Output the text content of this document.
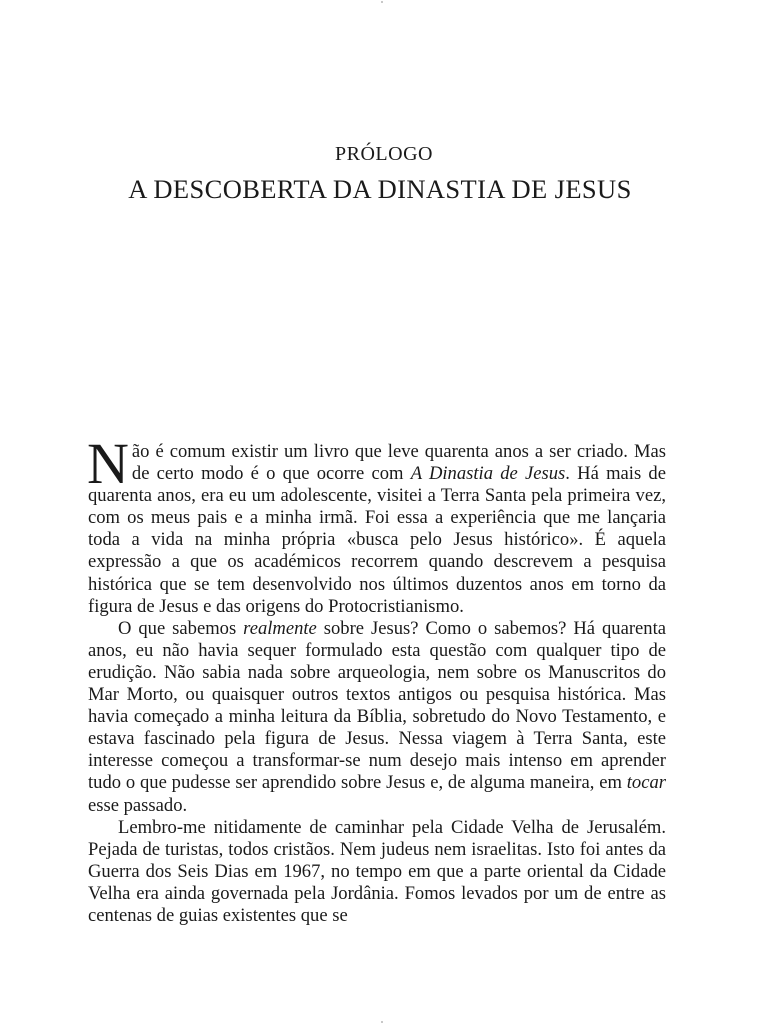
PRÓLOGO
A DESCOBERTA DA DINASTIA DE JESUS

Não é comum existir um livro que leve quarenta anos a ser criado. Mas de certo modo é o que ocorre com A Dinastia de Jesus. Há mais de quarenta anos, era eu um adolescente, visitei a Terra Santa pela primeira vez, com os meus pais e a minha irmã. Foi essa a experiência que me lançaria toda a vida na minha própria «busca pelo Jesus histórico». É aquela expressão a que os académicos recorrem quando descrevem a pesquisa histórica que se tem desenvolvido nos últimos duzentos anos em torno da figura de Jesus e das origens do Protocristianismo.

O que sabemos realmente sobre Jesus? Como o sabemos? Há quarenta anos, eu não havia sequer formulado esta questão com qualquer tipo de erudição. Não sabia nada sobre arqueologia, nem sobre os Manuscritos do Mar Morto, ou quaisquer outros textos antigos ou pesquisa histórica. Mas havia começado a minha leitura da Bíblia, sobretudo do Novo Testamento, e estava fascinado pela figura de Jesus. Nessa viagem à Terra Santa, este interesse começou a transformar-se num desejo mais intenso em aprender tudo o que pudesse ser aprendido sobre Jesus e, de alguma maneira, em tocar esse passado.

Lembro-me nitidamente de caminhar pela Cidade Velha de Jerusalém. Pejada de turistas, todos cristãos. Nem judeus nem israelitas. Isto foi antes da Guerra dos Seis Dias em 1967, no tempo em que a parte oriental da Cidade Velha era ainda governada pela Jordânia. Fomos levados por um de entre as centenas de guias existentes que se
